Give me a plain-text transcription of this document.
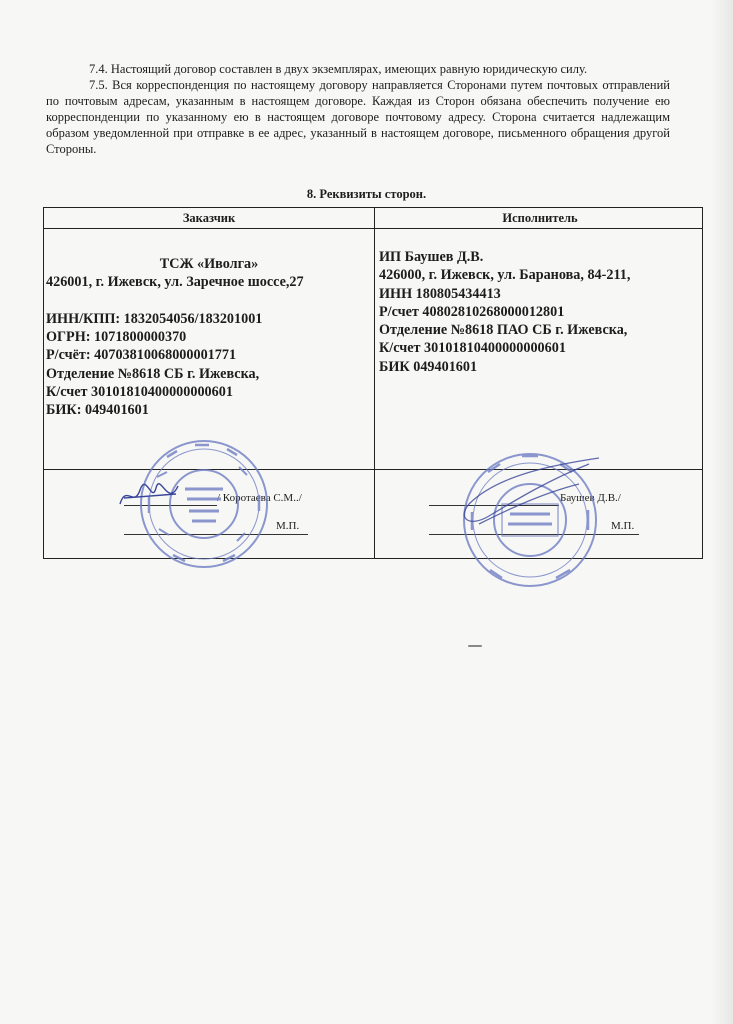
7.4. Настоящий договор составлен в двух экземплярах, имеющих равную юридическую силу.

7.5. Вся корреспонденция по настоящему договору направляется Сторонами путем почтовых отправлений по почтовым адресам, указанным в настоящем договоре. Каждая из Сторон обязана обеспечить получение ею корреспонденции по указанному ею в настоящем договоре почтовому адресу. Сторона считается надлежащим образом уведомленной при отправке в ее адрес, указанный в настоящем договоре, письменного обращения другой Стороны.

8. Реквизиты сторон.
Заказчик	Исполнитель
ТСЖ «Иволга»
426001, г. Ижевск, ул. Заречное шоссе,27
ИНН/КПП: 1832054056/183201001
ОГРН: 1071800000370
Р/счёт: 40703810068000001771
Отделение №8618 СБ г. Ижевска,
К/счет 30101810400000000601
БИК: 049401601
ИП Баушев Д.В.
426000, г. Ижевск, ул. Баранова, 84-211,
ИНН 180805434413
Р/счет 40802810268000012801
Отделение №8618 ПАО СБ г. Ижевска,
К/счет 30101810400000000601
БИК 049401601
/ Коротаева С.М../
М.П.
Баушев Д.В./
М.П.
